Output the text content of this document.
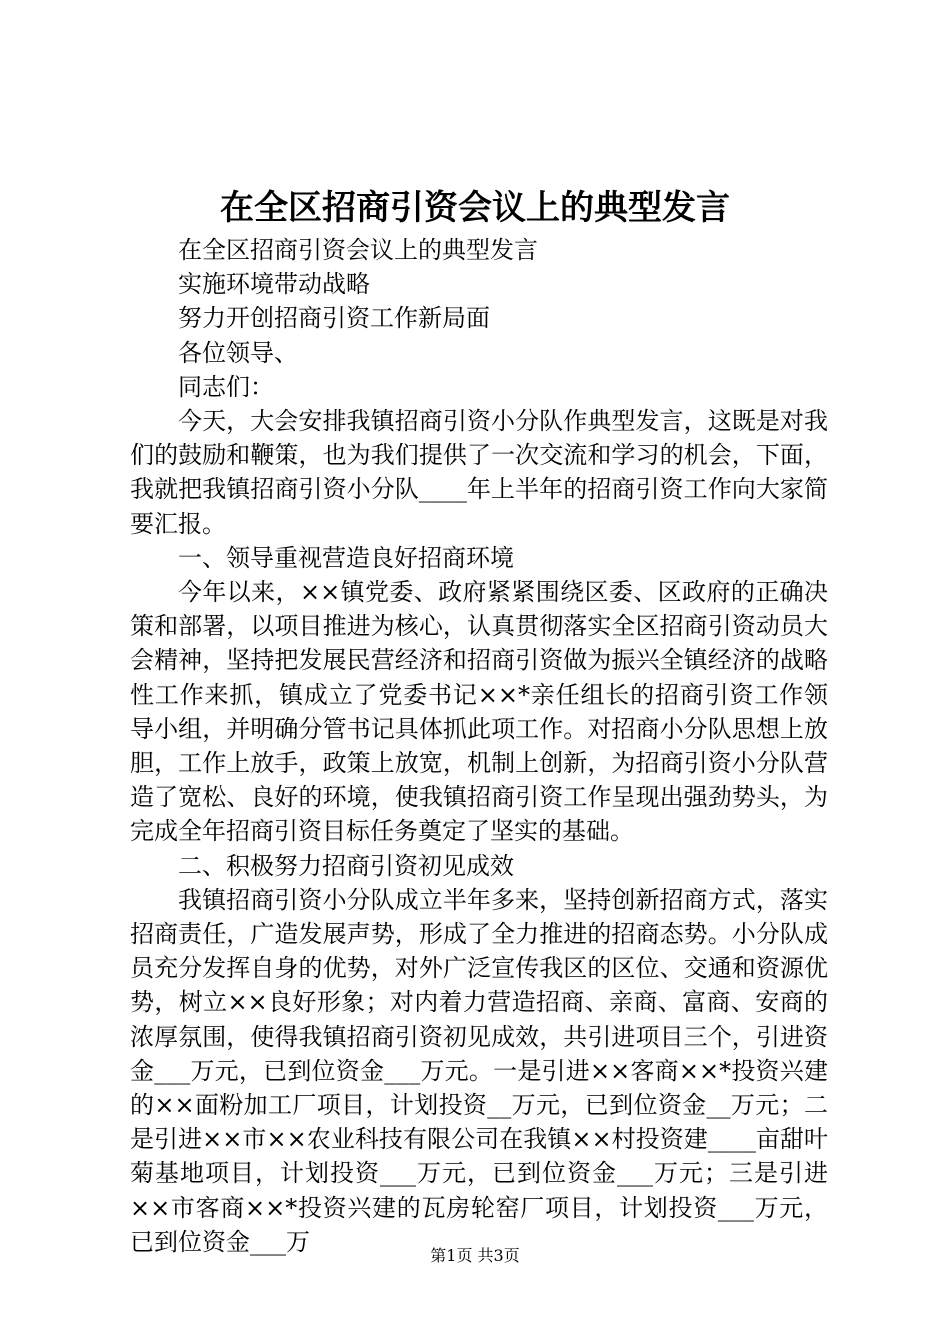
在全区招商引资会议上的典型发言

在全区招商引资会议上的典型发言

实施环境带动战略

努力开创招商引资工作新局面

各位领导、

同志们：

今天，大会安排我镇招商引资小分队作典型发言，这既是对我们的鼓励和鞭策，也为我们提供了一次交流和学习的机会，下面，我就把我镇招商引资小分队____年上半年的招商引资工作向大家简要汇报。

一、领导重视营造良好招商环境

今年以来，××镇党委、政府紧紧围绕区委、区政府的正确决策和部署，以项目推进为核心，认真贯彻落实全区招商引资动员大会精神，坚持把发展民营经济和招商引资做为振兴全镇经济的战略性工作来抓，镇成立了党委书记××*亲任组长的招商引资工作领导小组，并明确分管书记具体抓此项工作。对招商小分队思想上放胆，工作上放手，政策上放宽，机制上创新，为招商引资小分队营造了宽松、良好的环境，使我镇招商引资工作呈现出强劲势头，为完成全年招商引资目标任务奠定了坚实的基础。

二、积极努力招商引资初见成效

我镇招商引资小分队成立半年多来，坚持创新招商方式，落实招商责任，广造发展声势，形成了全力推进的招商态势。小分队成员充分发挥自身的优势，对外广泛宣传我区的区位、交通和资源优势，树立××良好形象；对内着力营造招商、亲商、富商、安商的浓厚氛围，使得我镇招商引资初见成效，共引进项目三个，引进资金___万元，已到位资金___万元。一是引进××客商××*投资兴建的××面粉加工厂项目，计划投资__万元，已到位资金__万元；二是引进××市××农业科技有限公司在我镇××村投资建____亩甜叶菊基地项目，计划投资___万元，已到位资金___万元；三是引进××市客商××*投资兴建的瓦房轮窑厂项目，计划投资___万元，已到位资金___万	第1页 共3页
